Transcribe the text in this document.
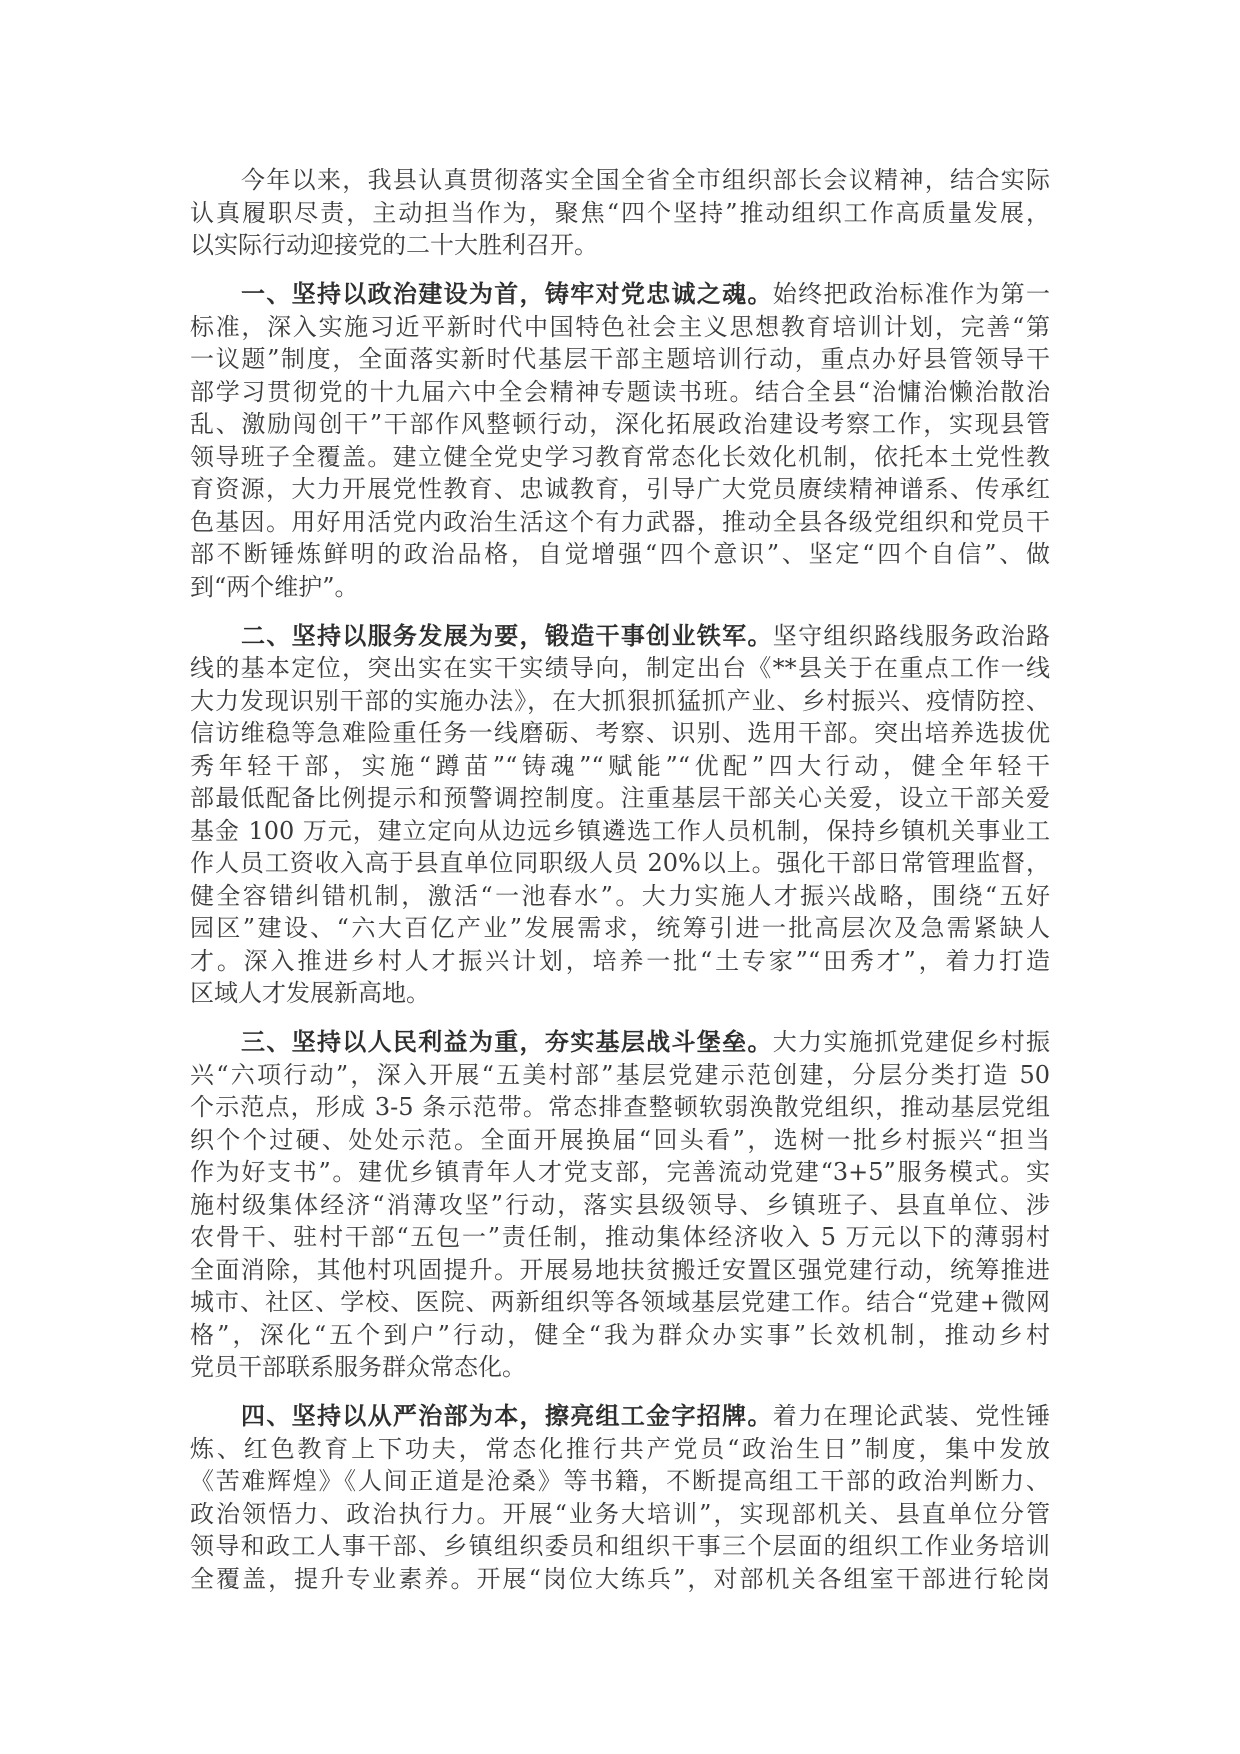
今年以来，我县认真贯彻落实全国全省全市组织部长会议精神，结合实际
认真履职尽责，主动担当作为，聚焦“四个坚持”推动组织工作高质量发展，
以实际行动迎接党的二十大胜利召开。
一、坚持以政治建设为首，铸牢对党忠诚之魂。始终把政治标准作为第一
标准，深入实施习近平新时代中国特色社会主义思想教育培训计划，完善“第
一议题”制度，全面落实新时代基层干部主题培训行动，重点办好县管领导干
部学习贯彻党的十九届六中全会精神专题读书班。结合全县“治慵治懒治散治
乱、激励闯创干”干部作风整顿行动，深化拓展政治建设考察工作，实现县管
领导班子全覆盖。建立健全党史学习教育常态化长效化机制，依托本土党性教
育资源，大力开展党性教育、忠诚教育，引导广大党员赓续精神谱系、传承红
色基因。用好用活党内政治生活这个有力武器，推动全县各级党组织和党员干
部不断锤炼鲜明的政治品格，自觉增强“四个意识”、坚定“四个自信”、做
到“两个维护”。
二、坚持以服务发展为要，锻造干事创业铁军。坚守组织路线服务政治路
线的基本定位，突出实在实干实绩导向，制定出台《**县关于在重点工作一线
大力发现识别干部的实施办法》，在大抓狠抓猛抓产业、乡村振兴、疫情防控、
信访维稳等急难险重任务一线磨砺、考察、识别、选用干部。突出培养选拔优
秀年轻干部，实施“蹲苗”“铸魂”“赋能”“优配”四大行动，健全年轻干
部最低配备比例提示和预警调控制度。注重基层干部关心关爱，设立干部关爱
基金 100 万元，建立定向从边远乡镇遴选工作人员机制，保持乡镇机关事业工
作人员工资收入高于县直单位同职级人员 20%以上。强化干部日常管理监督，
健全容错纠错机制，激活“一池春水”。大力实施人才振兴战略，围绕“五好
园区”建设、“六大百亿产业”发展需求，统筹引进一批高层次及急需紧缺人
才。深入推进乡村人才振兴计划，培养一批“土专家”“田秀才”，着力打造
区域人才发展新高地。
三、坚持以人民利益为重，夯实基层战斗堡垒。大力实施抓党建促乡村振
兴“六项行动”，深入开展“五美村部”基层党建示范创建，分层分类打造 50
个示范点，形成 3-5 条示范带。常态排查整顿软弱涣散党组织，推动基层党组
织个个过硬、处处示范。全面开展换届“回头看”，选树一批乡村振兴“担当
作为好支书”。建优乡镇青年人才党支部，完善流动党建“3+5”服务模式。实
施村级集体经济“消薄攻坚”行动，落实县级领导、乡镇班子、县直单位、涉
农骨干、驻村干部“五包一”责任制，推动集体经济收入 5 万元以下的薄弱村
全面消除，其他村巩固提升。开展易地扶贫搬迁安置区强党建行动，统筹推进
城市、社区、学校、医院、两新组织等各领域基层党建工作。结合“党建+微网
格”，深化“五个到户”行动，健全“我为群众办实事”长效机制，推动乡村
党员干部联系服务群众常态化。
四、坚持以从严治部为本，擦亮组工金字招牌。着力在理论武装、党性锤
炼、红色教育上下功夫，常态化推行共产党员“政治生日”制度，集中发放
《苦难辉煌》《人间正道是沧桑》等书籍，不断提高组工干部的政治判断力、
政治领悟力、政治执行力。开展“业务大培训”，实现部机关、县直单位分管
领导和政工人事干部、乡镇组织委员和组织干事三个层面的组织工作业务培训
全覆盖，提升专业素养。开展“岗位大练兵”，对部机关各组室干部进行轮岗
